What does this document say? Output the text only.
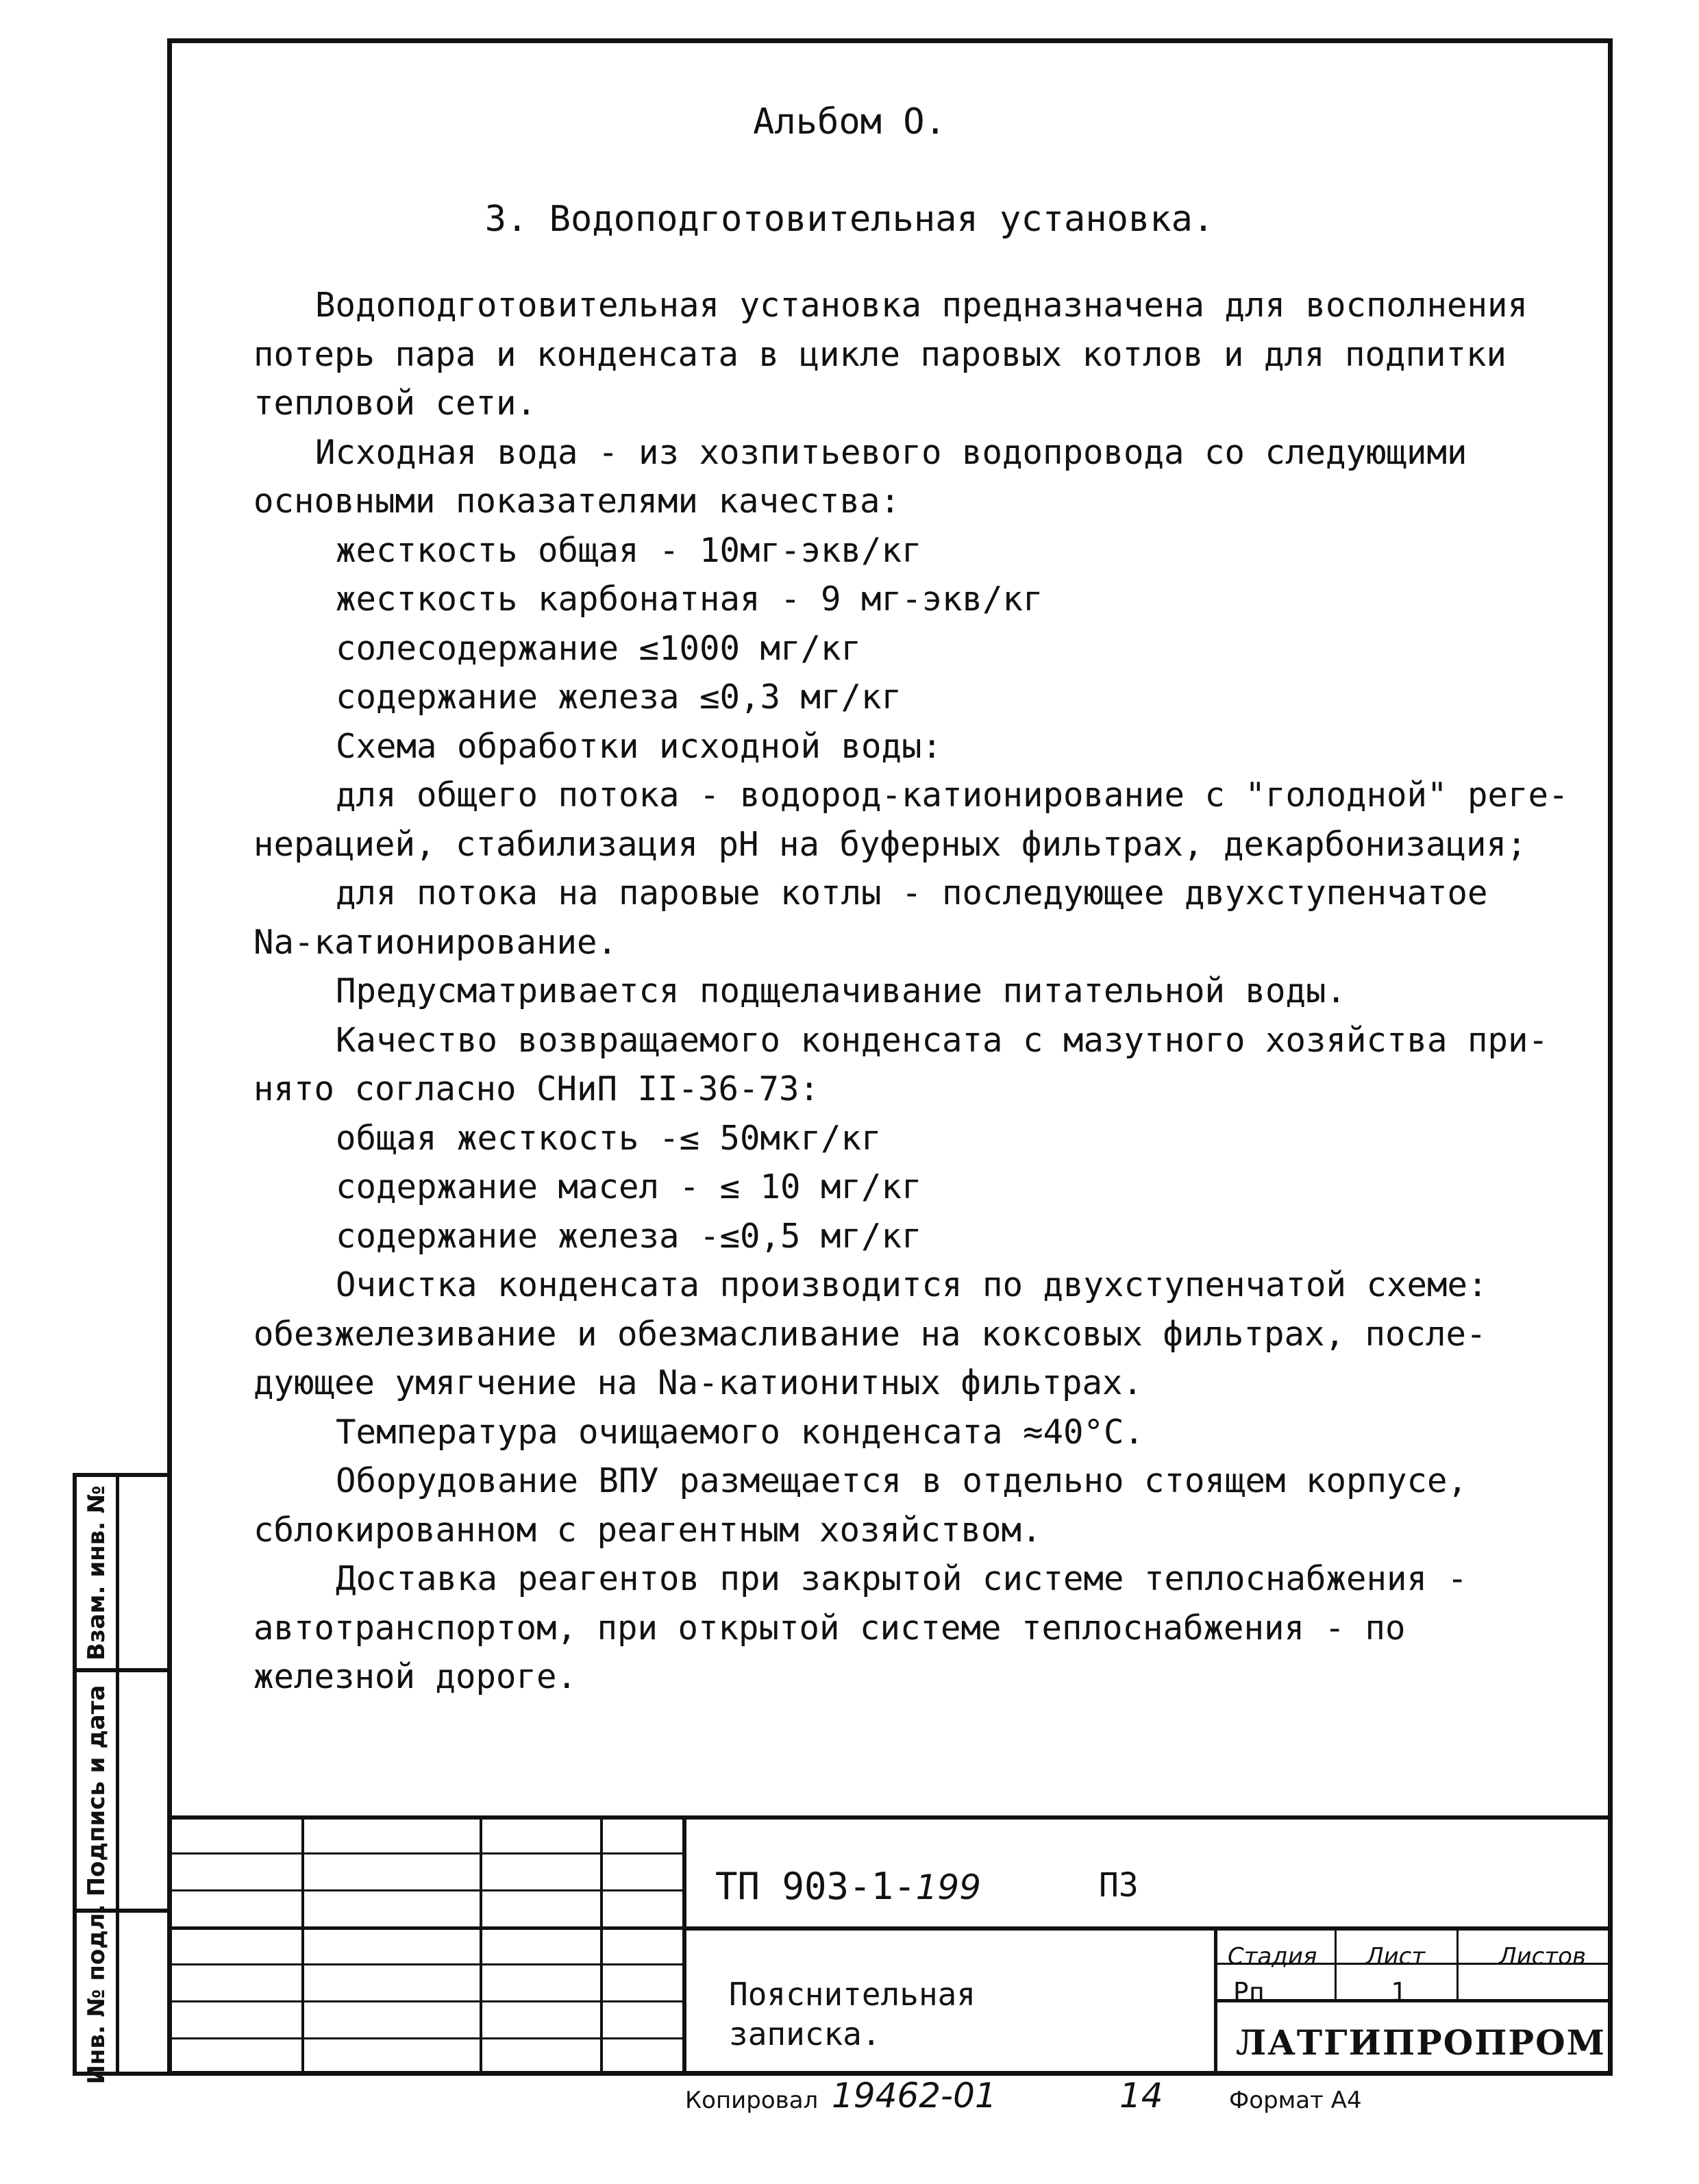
Взам. инв. №
Подпись и дата
Инв. № подл.
Альбом О.
3. Водоподготовительная установка.
Водоподготовительная установка предназначена для восполнения
потерь пара и конденсата в цикле паровых котлов и для подпитки
тепловой сети.
Исходная вода - из хозпитьевого водопровода со следующими
основными показателями качества:
жесткость общая - 10мг-экв/кг
жесткость карбонатная - 9 мг-экв/кг
солесодержание ≤1000 мг/кг
содержание железа ≤0,3 мг/кг
Схема обработки исходной воды:
для общего потока - водород-катионирование с "голодной" реге-
нерацией, стабилизация pH на буферных фильтрах, декарбонизация;
для потока на паровые котлы - последующее двухступенчатое
Na-катионирование.
Предусматривается подщелачивание питательной воды.
Качество возвращаемого конденсата с мазутного хозяйства при-
нято согласно СНиП II-36-73:
общая жесткость -≤ 50мкг/кг
содержание масел - ≤ 10 мг/кг
содержание железа -≤0,5 мг/кг
Очистка конденсата производится по двухступенчатой схеме:
обезжелезивание и обезмасливание на коксовых фильтрах, после-
дующее умягчение на Na-катионитных фильтрах.
Температура очищаемого конденсата ≈40°С.
Оборудование ВПУ размещается в отдельно стоящем корпусе,
сблокированном с реагентным хозяйством.
Доставка реагентов при закрытой системе теплоснабжения -
автотранспортом, при открытой системе теплоснабжения - по
железной дороге.
ТП 903-1-199	ПЗ
Пояснительная
записка.
Стадия Лист	Листов
Рп	1
ЛАТГИПРОПРОМ
Копировал 19462-01	14	Формат А4
